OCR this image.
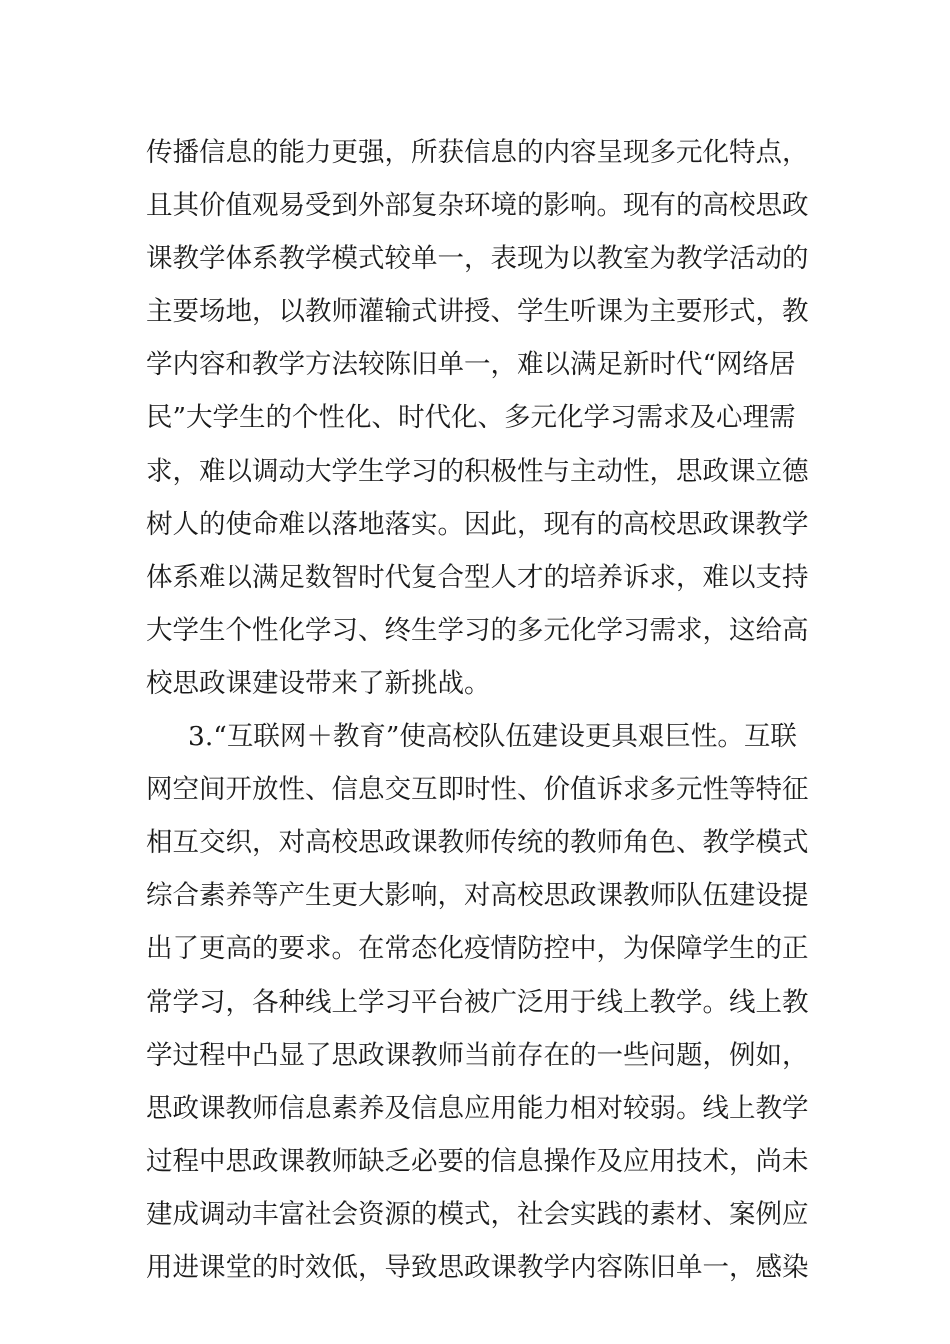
传播信息的能力更强，所获信息的内容呈现多元化特点，
且其价值观易受到外部复杂环境的影响。现有的高校思政
课教学体系教学模式较单一，表现为以教室为教学活动的
主要场地，以教师灌输式讲授、学生听课为主要形式，教
学内容和教学方法较陈旧单一，难以满足新时代“网络居
民”大学生的个性化、时代化、多元化学习需求及心理需
求，难以调动大学生学习的积极性与主动性，思政课立德
树人的使命难以落地落实。因此，现有的高校思政课教学
体系难以满足数智时代复合型人才的培养诉求，难以支持
大学生个性化学习、终生学习的多元化学习需求，这给高
校思政课建设带来了新挑战。
3.“互联网＋教育”使高校队伍建设更具艰巨性。互联
网空间开放性、信息交互即时性、价值诉求多元性等特征
相互交织，对高校思政课教师传统的教师角色、教学模式
综合素养等产生更大影响，对高校思政课教师队伍建设提
出了更高的要求。在常态化疫情防控中，为保障学生的正
常学习，各种线上学习平台被广泛用于线上教学。线上教
学过程中凸显了思政课教师当前存在的一些问题，例如，
思政课教师信息素养及信息应用能力相对较弱。线上教学
过程中思政课教师缺乏必要的信息操作及应用技术，尚未
建成调动丰富社会资源的模式，社会实践的素材、案例应
用进课堂的时效低，导致思政课教学内容陈旧单一，感染
